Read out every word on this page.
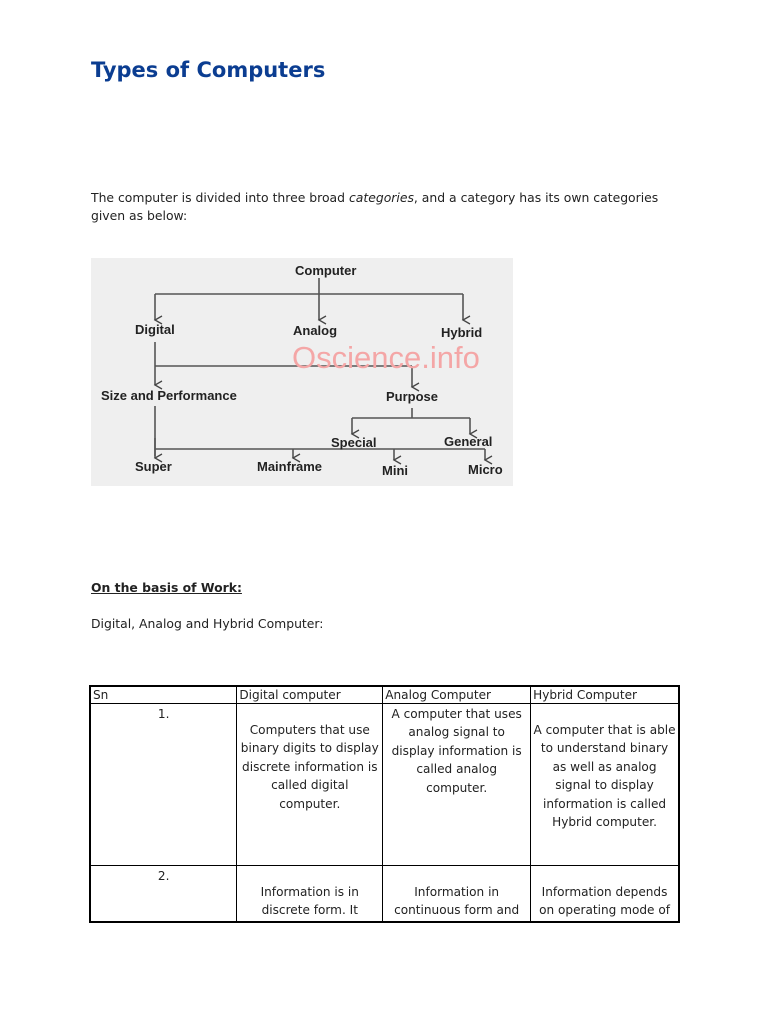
Types of Computers
The computer is divided into three broad categories, and a category has its own categories given as below:
Oscience.info
Computer
Digital	Analog	Hybrid
Size and Performance	Purpose
Special	General
Super	Mainframe	Mini	Micro
On the basis of Work:
Digital, Analog and Hybrid Computer:
Sn	Digital computer	Analog Computer	Hybrid Computer
1.	Computers that use binary digits to display discrete information is called digital computer.	A computer that uses analog signal to display information is called analog computer.	A computer that is able to understand binary as well as analog signal to display information is called Hybrid computer.
2.	Information is in discrete form. It	Information in continuous form and	Information depends on operating mode of
